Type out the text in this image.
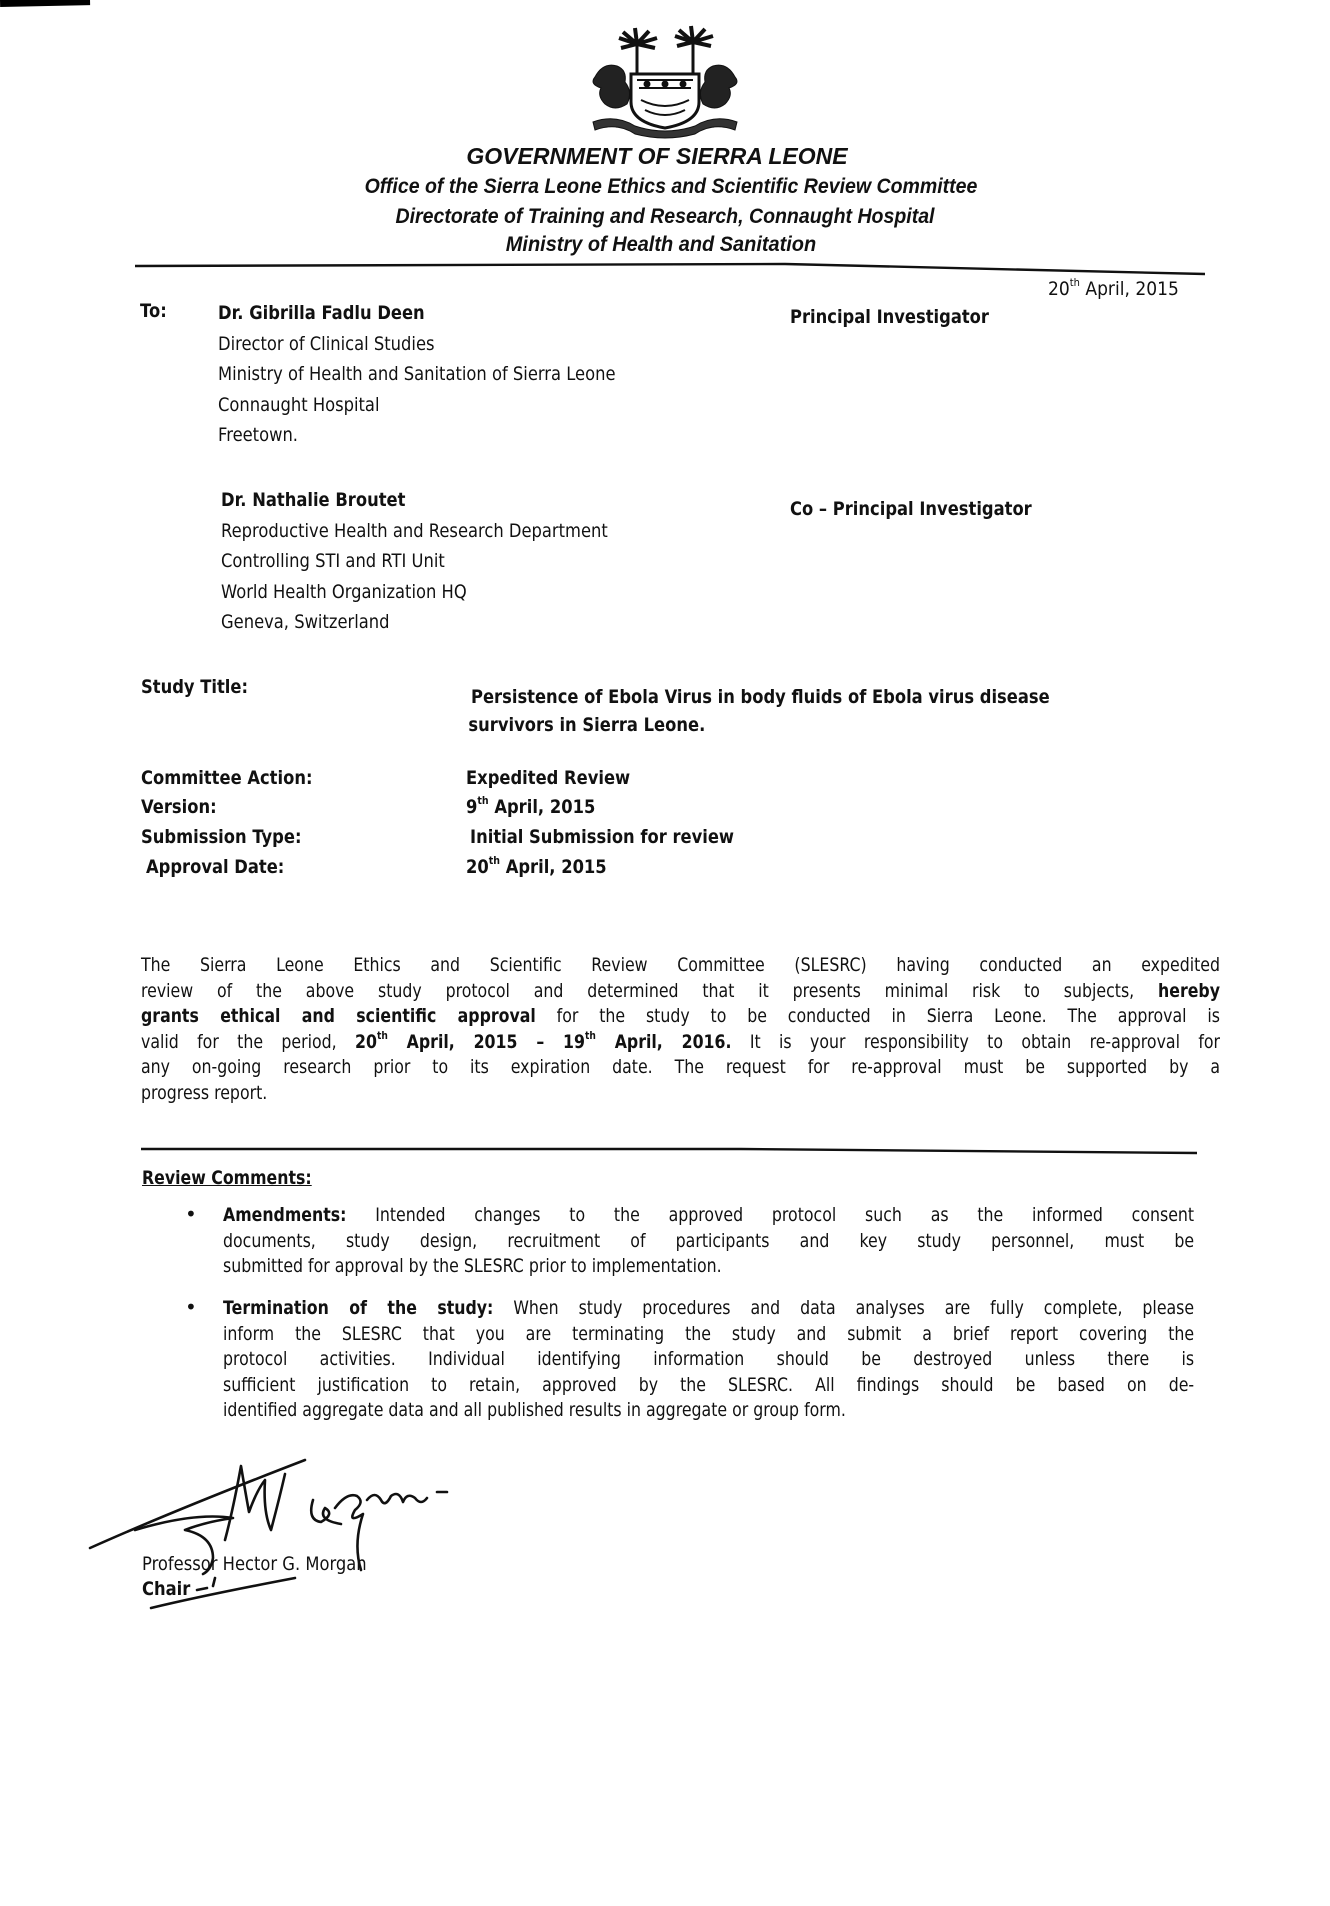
GOVERNMENT OF SIERRA LEONE
Office of the Sierra Leone Ethics and Scientific Review Committee
Directorate of Training and Research, Connaught Hospital
Ministry of Health and Sanitation
20th April, 2015
To:	Dr. Gibrilla Fadlu Deen
Director of Clinical Studies
Ministry of Health and Sanitation of Sierra Leone
Connaught Hospital
Freetown.
Principal Investigator
Dr. Nathalie Broutet
Reproductive Health and Research Department
Controlling STI and RTI Unit
World Health Organization HQ
Geneva, Switzerland
Co – Principal Investigator
Study Title:	Persistence of Ebola Virus in body fluids of Ebola virus disease
survivors in Sierra Leone.
Committee Action:	Expedited Review
Version:	9th April, 2015
Submission Type:	Initial Submission for review
Approval Date:	20th April, 2015
The Sierra Leone Ethics and Scientific Review Committee (SLESRC) having conducted an expedited
review of the above study protocol and determined that it presents minimal risk to subjects, hereby
grants ethical and scientific approval for the study to be conducted in Sierra Leone. The approval is
valid for the period, 20th April, 2015 – 19th April, 2016. It is your responsibility to obtain re-approval for
any on-going research prior to its expiration date. The request for re-approval must be supported by a
progress report.
Review Comments:
• Amendments: Intended changes to the approved protocol such as the informed consent
documents, study design, recruitment of participants and key study personnel, must be
submitted for approval by the SLESRC prior to implementation.
• Termination of the study: When study procedures and data analyses are fully complete, please
inform the SLESRC that you are terminating the study and submit a brief report covering the
protocol activities. Individual identifying information should be destroyed unless there is
sufficient justification to retain, approved by the SLESRC. All findings should be based on de-
identified aggregate data and all published results in aggregate or group form.
Professor Hector G. Morgan
Chair
